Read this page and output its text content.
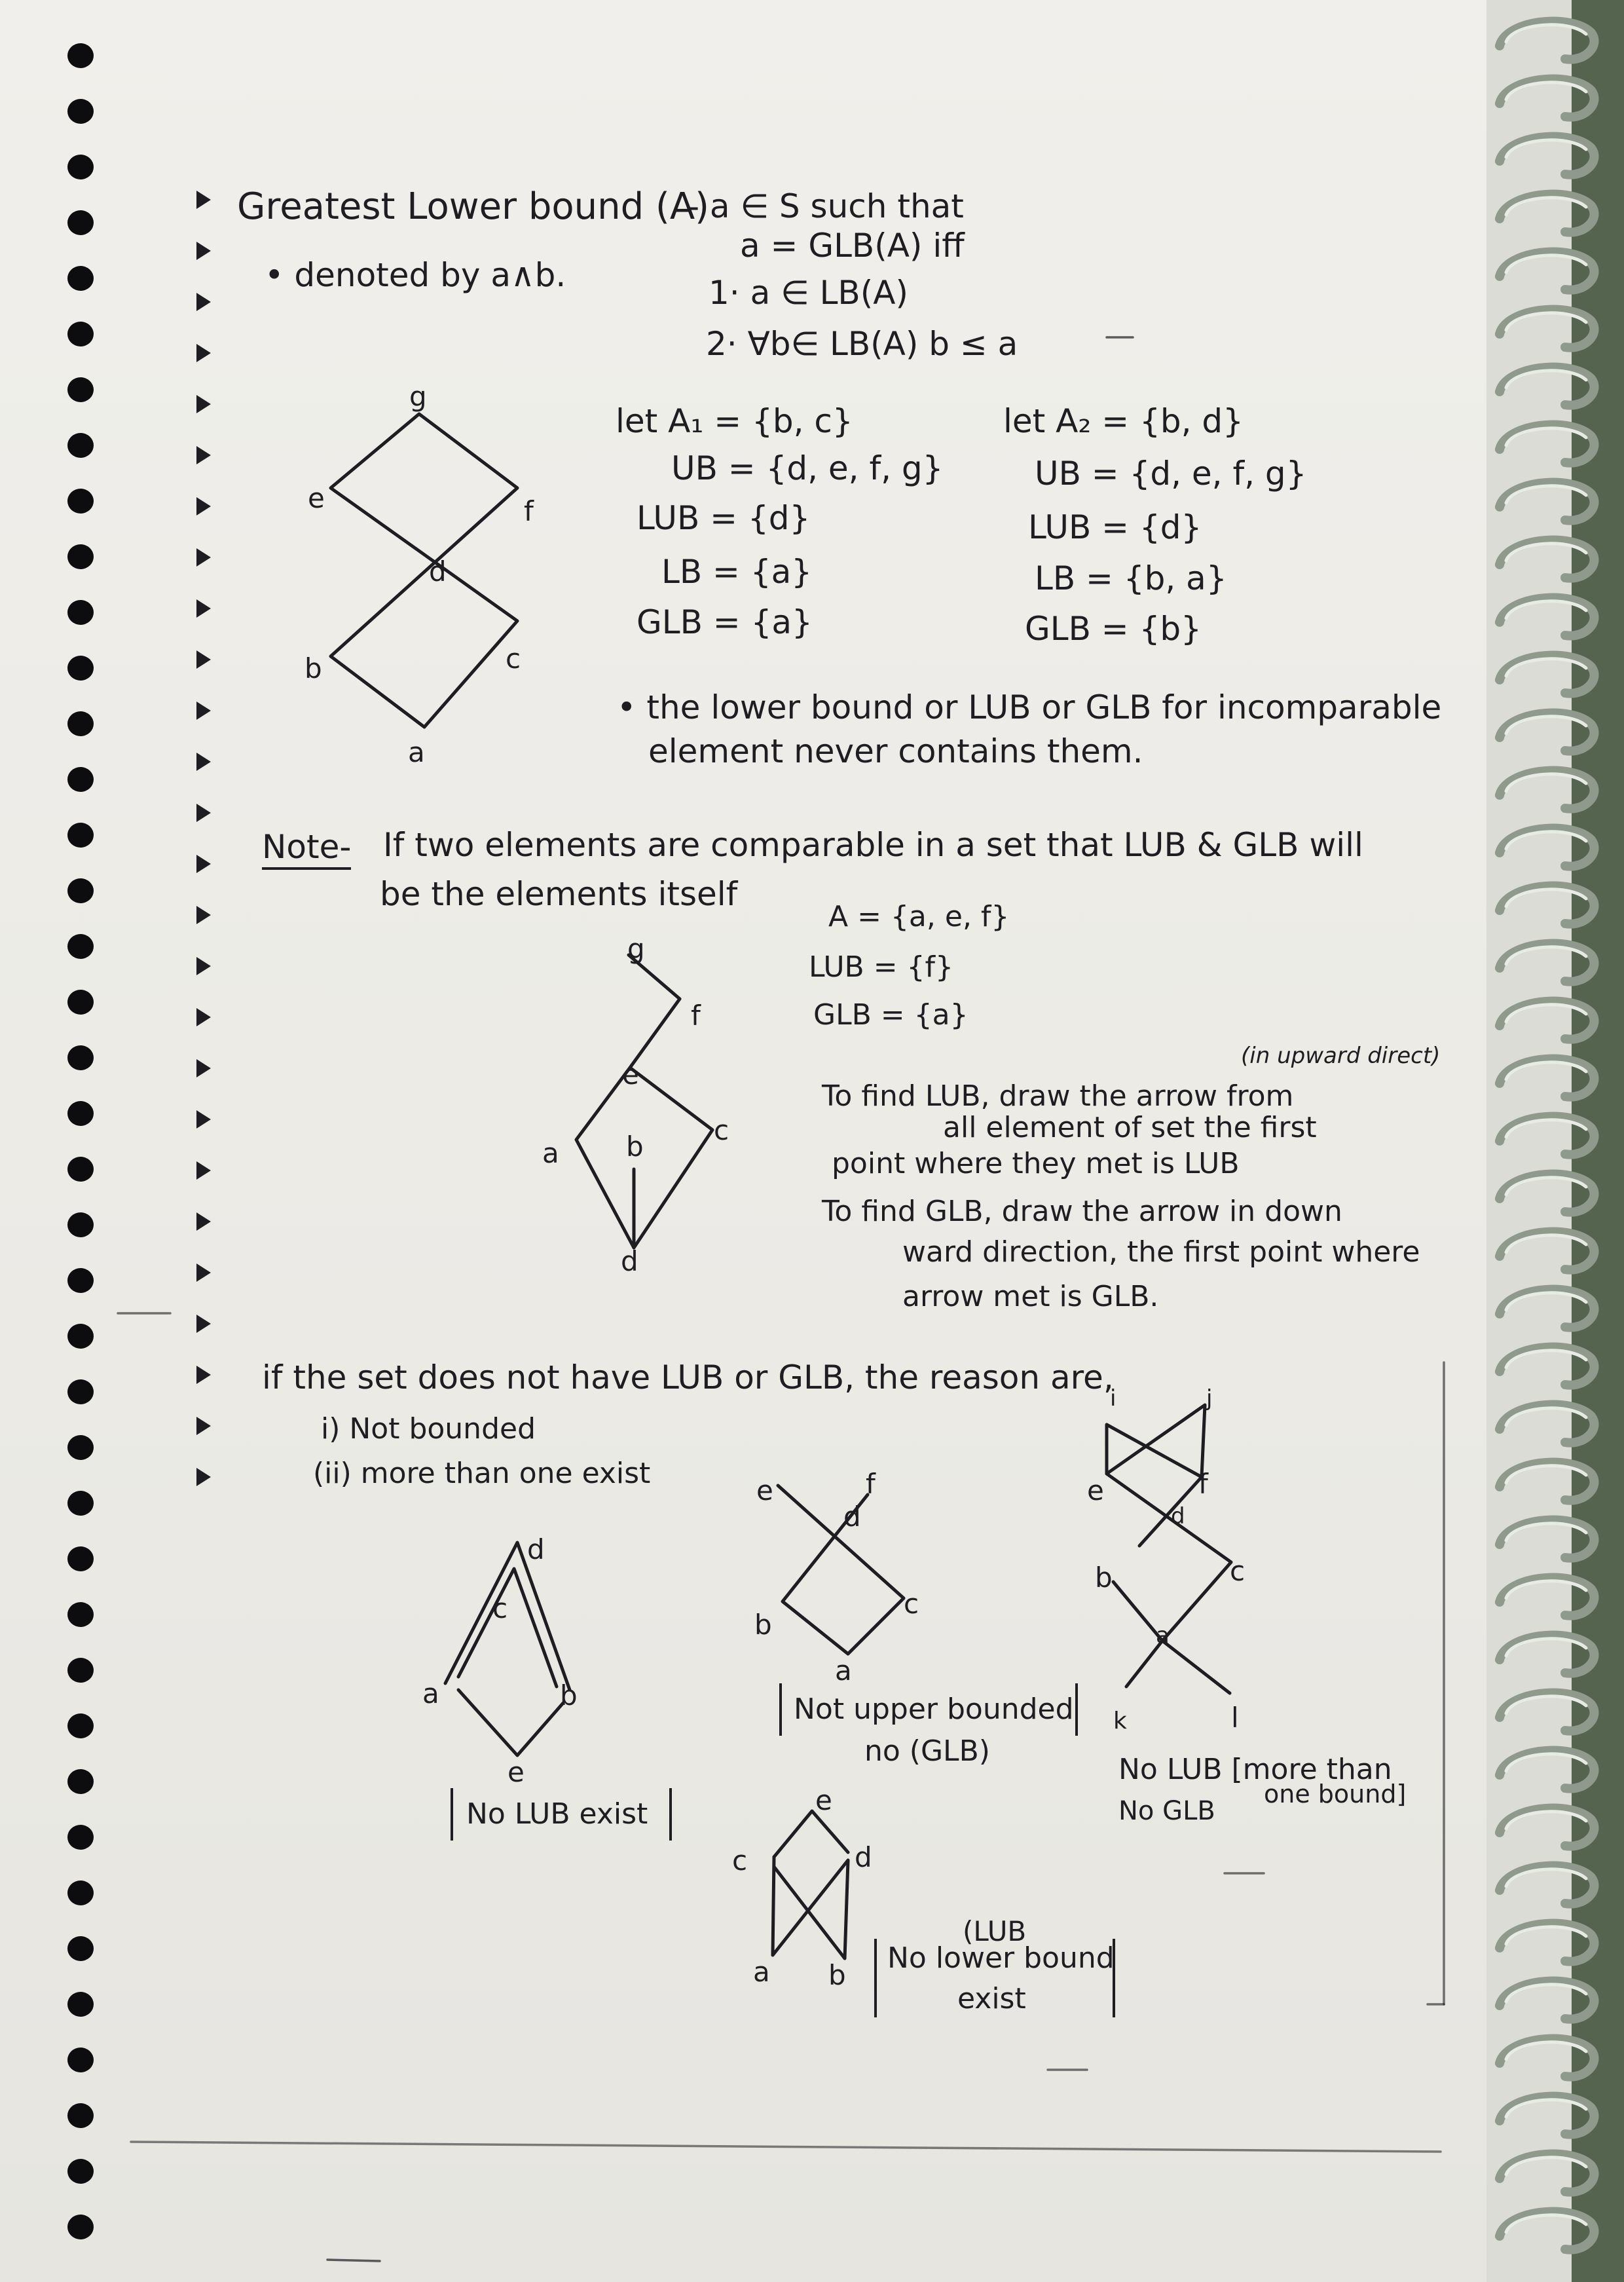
Greatest Lower bound (A)
- a ∈ S such that
a = GLB(A) iff
• denoted by a∧b.	1· a ∈ LB(A)
2· ∀b∈ LB(A) b ≤ a
g
e	f
d
b	c
a
let A₁ = {b, c}
UB = {d, e, f, g}
LUB = {d}
LB = {a}
GLB = {a}
let A₂ = {b, d}
UB = {d, e, f, g}
LUB = {d}
LB = {b, a}
GLB = {b}
• the lower bound or LUB or GLB for incomparable
element never contains them.
Note- If two elements are comparable in a set that LUB & GLB will
be the elements itself
g
f
e
a b
c
d
A = {a, e, f}
LUB = {f}
GLB = {a}
(in upward direct)
To find LUB, draw the arrow from
all element of set the first
point where they met is LUB
To find GLB, draw the arrow in down
ward direction, the first point where
arrow met is GLB.
if the set does not have LUB or GLB, the reason are,
i) Not bounded
(ii) more than one exist
d
c
a	b
e
No LUB exist
e	f
d
b
c
a
Not upper bounded
no (GLB)
i	j
e	f
d
b	c
a
k	l
No LUB [more than
one bound]
No GLB
e
c	d
a b
(LUB
No lower bound
exist
